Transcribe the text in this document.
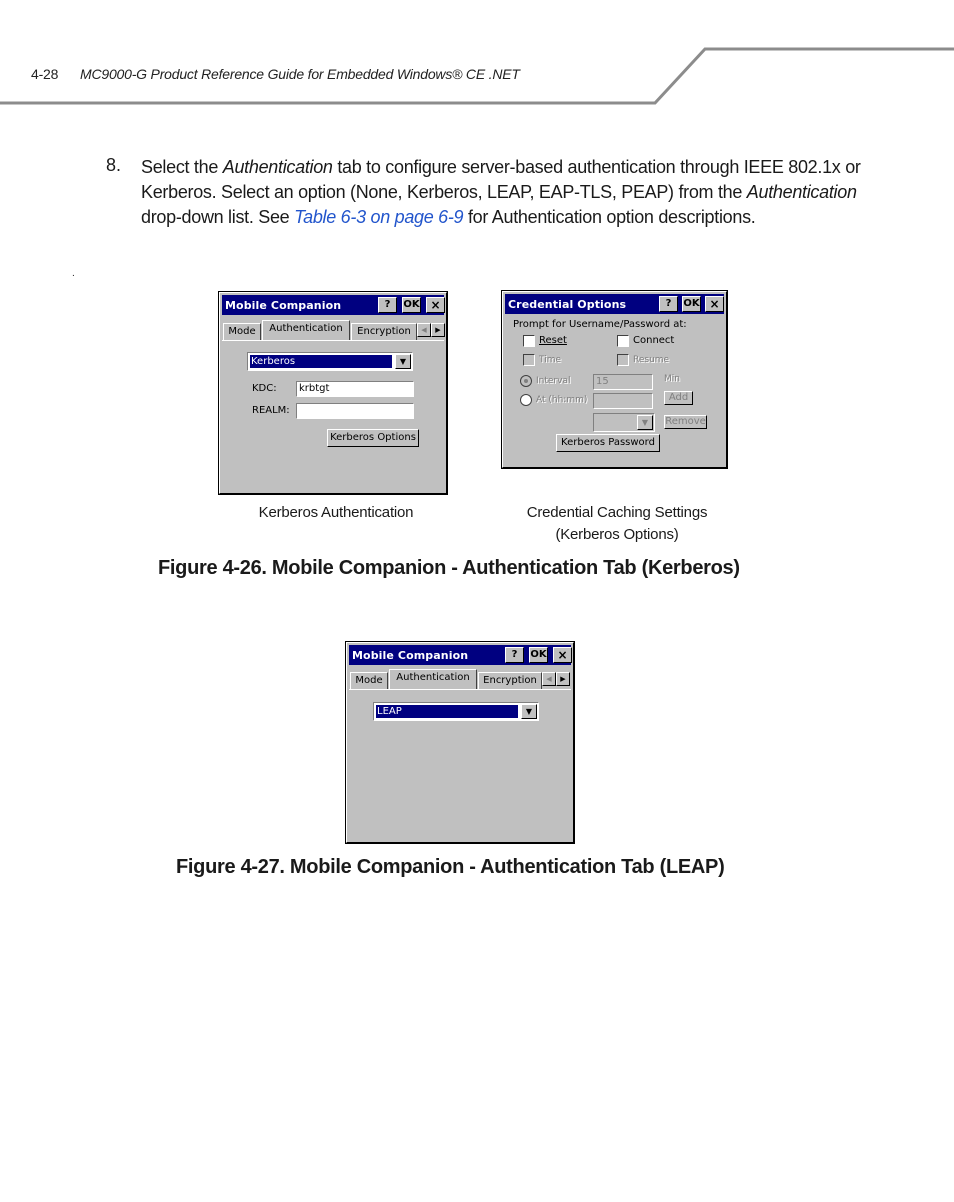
4-28 MC9000-G Product Reference Guide for Embedded Windows® CE .NET
8. Select the Authentication tab to configure server-based authentication through IEEE 802.1x or Kerberos. Select an option (None, Kerberos, LEAP, EAP-TLS, PEAP) from the Authentication drop-down list. See Table 6-3 on page 6-9 for Authentication option descriptions.
.
Mobile Companion	?	OK ×
Mode	Authentication	Encryption	◀	▶
Kerberos	▼
KDC:	krbtgt
REALM:
Kerberos Options
Credential Options	?	OK ×
Prompt for Username/Password at:
Reset	Connect
Time	Resume
Interval	15	Min
At (hh:mm)	Add
▼	Remove
Kerberos Password
Kerberos Authentication	Credential Caching Settings
(Kerberos Options)
Figure 4-26. Mobile Companion - Authentication Tab (Kerberos)
Mobile Companion	?	OK ×
Mode	Authentication	Encryption	◀	▶
LEAP	▼
Figure 4-27. Mobile Companion - Authentication Tab (LEAP)
